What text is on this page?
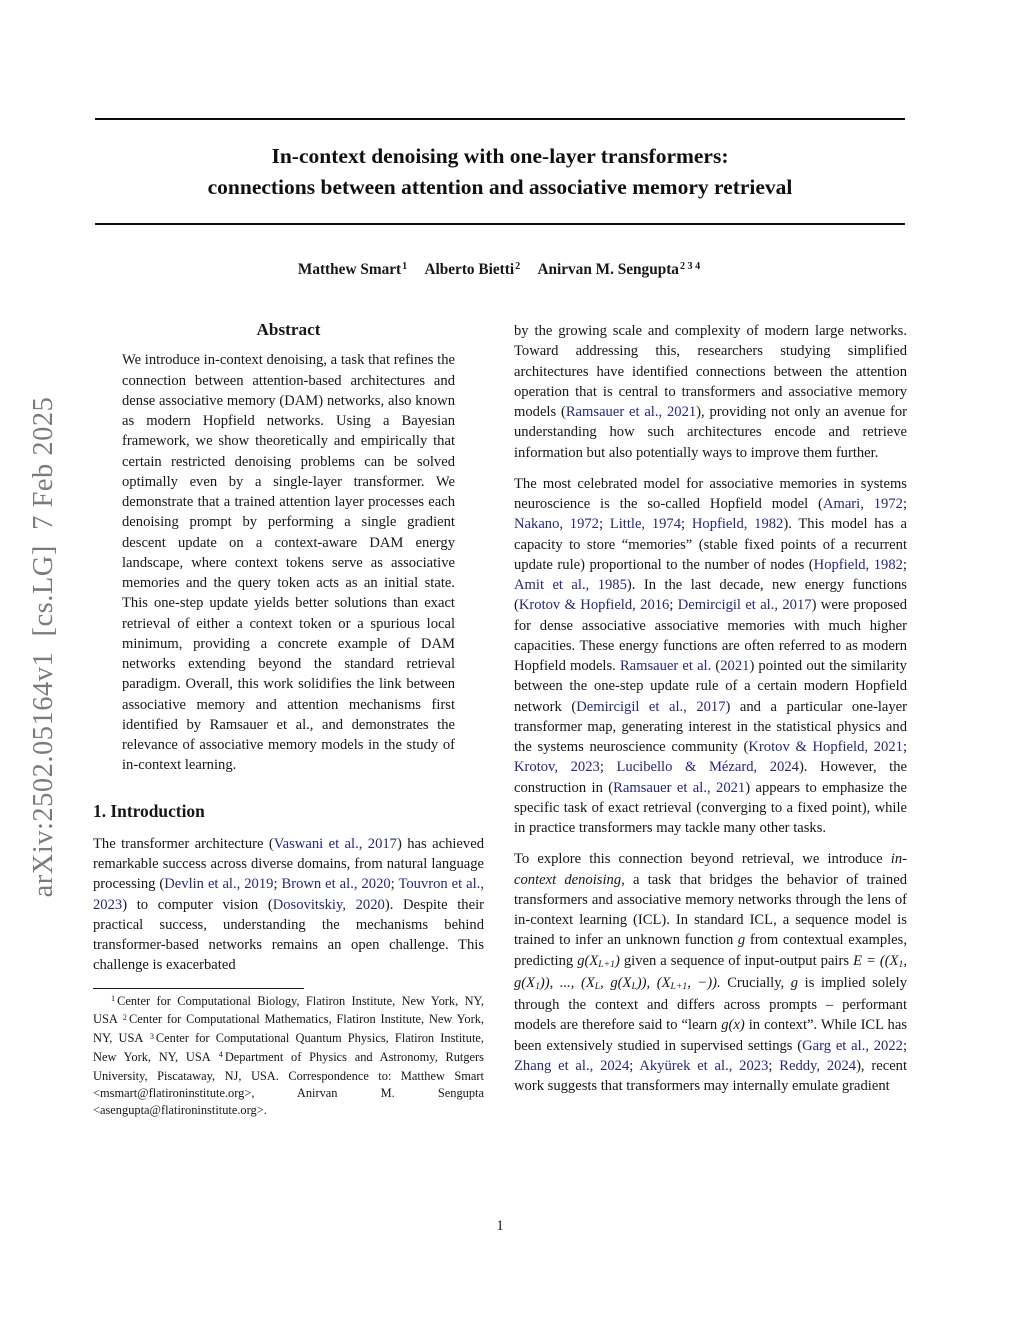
arXiv:2502.05164v1  [cs.LG]  7 Feb 2025
In-context denoising with one-layer transformers:
connections between attention and associative memory retrieval
Matthew Smart$^1$  Alberto Bietti$^2$  Anirvan M. Sengupta$^{2 3 4}$
Abstract

We introduce in-context denoising, a task that refines the connection between attention-based architectures and dense associative memory (DAM) networks, also known as modern Hopfield networks. Using a Bayesian framework, we show theoretically and empirically that certain restricted denoising problems can be solved optimally even by a single-layer transformer. We demonstrate that a trained attention layer processes each denoising prompt by performing a single gradient descent update on a context-aware DAM energy landscape, where context tokens serve as associative memories and the query token acts as an initial state. This one-step update yields better solutions than exact retrieval of either a context token or a spurious local minimum, providing a concrete example of DAM networks extending beyond the standard retrieval paradigm. Overall, this work solidifies the link between associative memory and attention mechanisms first identified by Ramsauer et al., and demonstrates the relevance of associative memory models in the study of in-context learning.

1. Introduction

The transformer architecture (Vaswani et al., 2017) has achieved remarkable success across diverse domains, from natural language processing (Devlin et al., 2019; Brown et al., 2020; Touvron et al., 2023) to computer vision (Dosovitskiy, 2020). Despite their practical success, understanding the mechanisms behind transformer-based networks remains an open challenge. This challenge is exacerbated

$^1$ Center for Computational Biology, Flatiron Institute, New York, NY, USA $^2$ Center for Computational Mathematics, Flatiron Institute, New York, NY, USA $^3$ Center for Computational Quantum Physics, Flatiron Institute, New York, NY, USA $^4$ Department of Physics and Astronomy, Rutgers University, Piscataway, NJ, USA. Correspondence to: Matthew Smart <msmart@flatironinstitute.org>, Anirvan M. Sengupta <asengupta@flatironinstitute.org>.

by the growing scale and complexity of modern large networks. Toward addressing this, researchers studying simplified architectures have identified connections between the attention operation that is central to transformers and associative memory models (Ramsauer et al., 2021), providing not only an avenue for understanding how such architectures encode and retrieve information but also potentially ways to improve them further.

The most celebrated model for associative memories in systems neuroscience is the so-called Hopfield model (Amari, 1972; Nakano, 1972; Little, 1974; Hopfield, 1982). This model has a capacity to store “memories” (stable fixed points of a recurrent update rule) proportional to the number of nodes (Hopfield, 1982; Amit et al., 1985). In the last decade, new energy functions (Krotov & Hopfield, 2016; Demircigil et al., 2017) were proposed for dense associative associative memories with much higher capacities. These energy functions are often referred to as modern Hopfield models. Ramsauer et al. (2021) pointed out the similarity between the one-step update rule of a certain modern Hopfield network (Demircigil et al., 2017) and a particular one-layer transformer map, generating interest in the statistical physics and the systems neuroscience community (Krotov & Hopfield, 2021; Krotov, 2023; Lucibello & Mézard, 2024). However, the construction in (Ramsauer et al., 2021) appears to emphasize the specific task of exact retrieval (converging to a fixed point), while in practice transformers may tackle many other tasks.

To explore this connection beyond retrieval, we introduce in-context denoising, a task that bridges the behavior of trained transformers and associative memory networks through the lens of in-context learning (ICL). In standard ICL, a sequence model is trained to infer an unknown function g from contextual examples, predicting g(XL+1) given a sequence of input-output pairs E = ((X1, g(X1)), ..., (XL, g(XL)), (XL+1, −)). Crucially, g is implied solely through the context and differs across prompts – performant models are therefore said to “learn g(x) in context”. While ICL has been extensively studied in supervised settings (Garg et al., 2022; Zhang et al., 2024; Akyürek et al., 2023; Reddy, 2024), recent work suggests that transformers may internally emulate gradient

1
